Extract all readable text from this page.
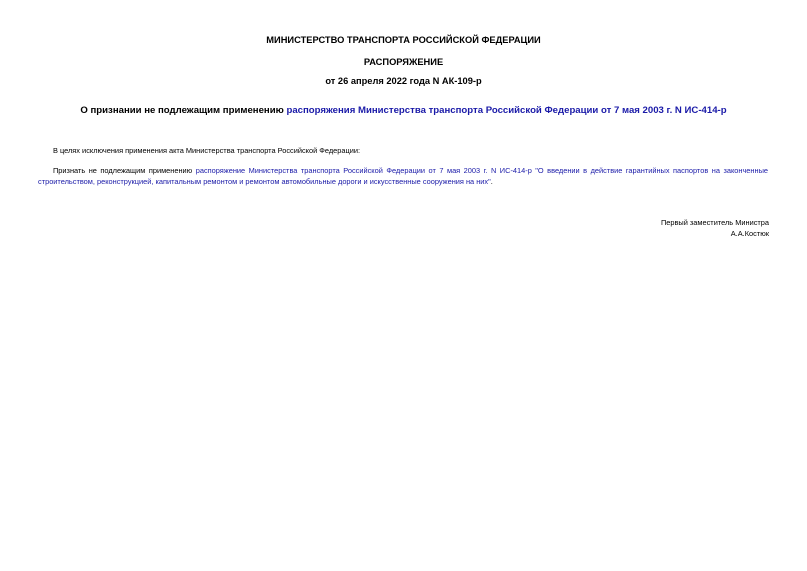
МИНИСТЕРСТВО ТРАНСПОРТА РОССИЙСКОЙ ФЕДЕРАЦИИ
РАСПОРЯЖЕНИЕ
от 26 апреля 2022 года N АК-109-р
О признании не подлежащим применению распоряжения Министерства транспорта Российской Федерации от 7 мая 2003 г. N ИС-414-р
В целях исключения применения акта Министерства транспорта Российской Федерации:
Признать не подлежащим применению распоряжение Министерства транспорта Российской Федерации от 7 мая 2003 г. N ИС-414-р "О введении в действие гарантийных паспортов на законченные строительством, реконструкцией, капитальным ремонтом и ремонтом автомобильные дороги и искусственные сооружения на них".
Первый заместитель Министра
А.А.Костюк
